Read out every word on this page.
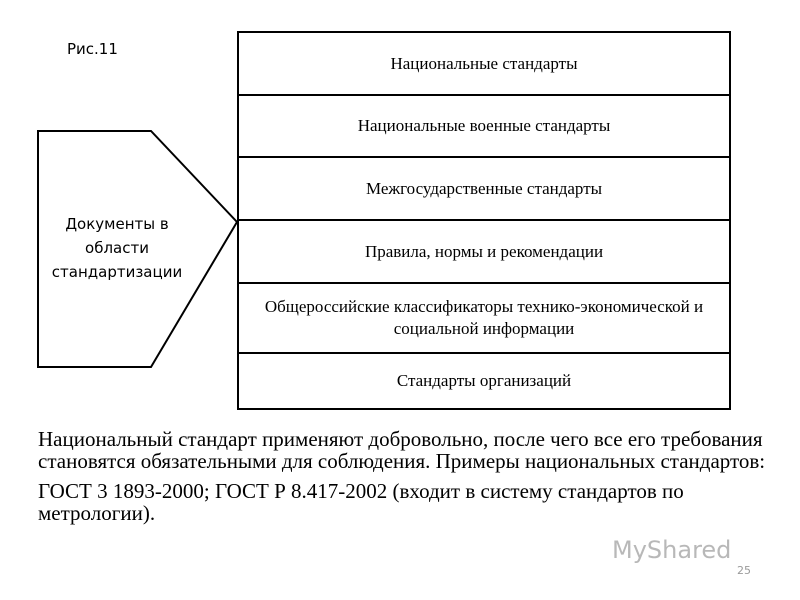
Рис.11
Документы в области стандартизации
Национальные стандарты
Национальные военные стандарты
Межгосударственные стандарты
Правила, нормы и рекомендации
Общероссийские классификаторы технико-экономической и социальной информации
Стандарты организаций

Национальный стандарт применяют добровольно, после чего все его требования становятся обязательными для соблюдения. Примеры национальных стандартов:

ГОСТ 3 1893-2000; ГОСТ Р 8.417-2002 (входит в систему стандартов по метрологии).

MyShared
25
